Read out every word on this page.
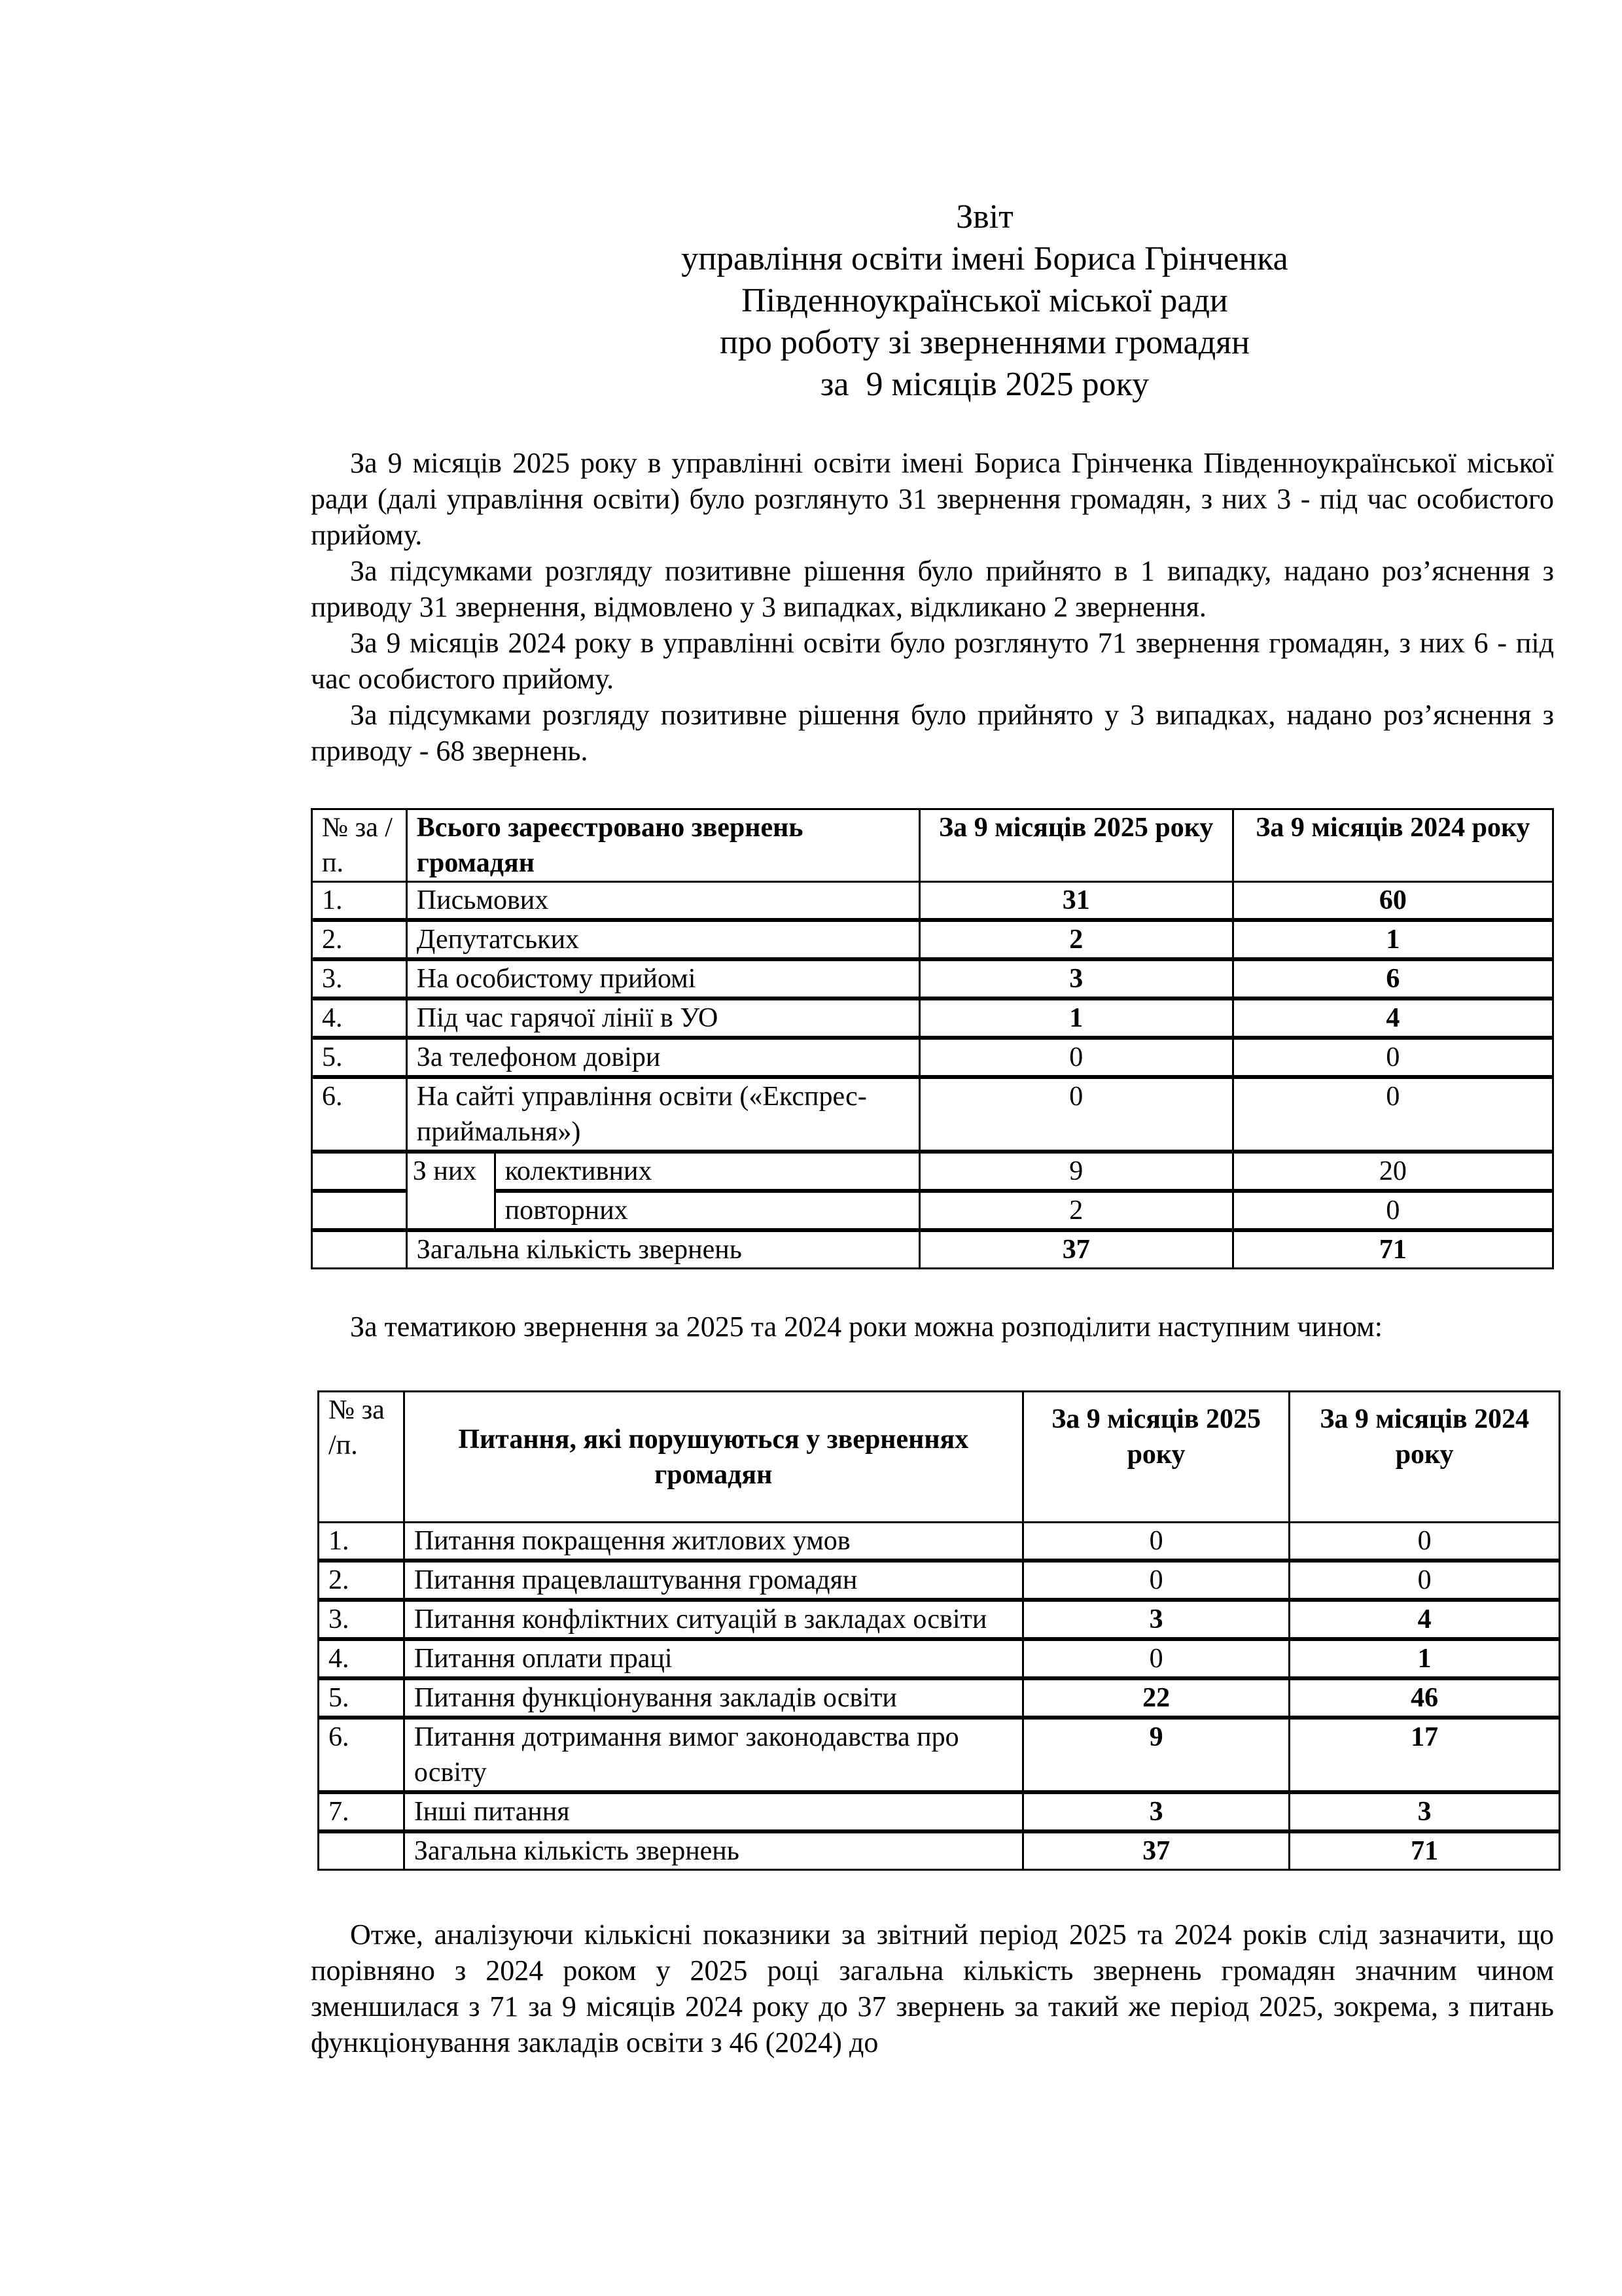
Звіт
управління освіти імені Бориса Грінченка
Південноукраїнської міської ради
про роботу зі зверненнями громадян
за  9 місяців 2025 року

За 9 місяців 2025 року в управлінні освіти імені Бориса Грінченка Південноукраїнської міської ради (далі управління освіти) було розглянуто 31 звернення громадян, з них 3 - під час особистого прийому.

За підсумками розгляду позитивне рішення було прийнято в 1 випадку, надано роз’яснення з приводу 31 звернення, відмовлено у 3 випадках, відкликано 2 звернення.

За 9 місяців 2024 року в управлінні освіти було розглянуто 71 звернення громадян, з них 6 - під час особистого прийому.

За підсумками розгляду позитивне рішення було прийнято у 3 випадках, надано роз’яснення з приводу - 68 звернень.

№ за /п.	Всього зареєстровано звернень громадян		За 9 місяців 2025 року	За 9 місяців 2024 року
1.	Письмових		31	60
2.	Депутатських		2	1
3.	На особистому прийомі		3	6
4.	Під час гарячої лінії в УО		1	4
5.	За телефоном довіри		0	0
6.	На сайті управління освіти («Експрес-приймальня»)		0	0
	З них	колективних	9	20
		повторних	2	0
	Загальна кількість звернень		37	71

За тематикою звернення за 2025 та 2024 роки можна розподілити наступним чином:

№ за /п.	Питання, які порушуються у зверненнях громадян	За 9 місяців 2025 року	За 9 місяців 2024 року
1.	Питання покращення житлових умов	0	0
2.	Питання працевлаштування громадян	0	0
3.	Питання конфліктних ситуацій в закладах освіти	3	4
4.	Питання оплати праці	0	1
5.	Питання функціонування закладів освіти	22	46
6.	Питання дотримання вимог законодавства про освіту	9	17
7.	Інші питання	3	3
	Загальна кількість звернень	37	71

Отже, аналізуючи кількісні показники за звітний період 2025 та 2024 років слід зазначити, що порівняно з 2024 роком у 2025 році загальна кількість звернень громадян значним чином зменшилася з 71 за 9 місяців 2024 року до 37 звернень за такий же період 2025, зокрема, з питань функціонування закладів освіти з 46 (2024) до
